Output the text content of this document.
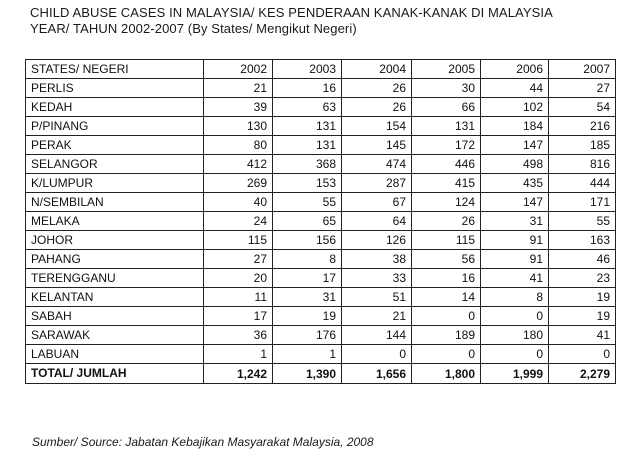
CHILD ABUSE CASES IN MALAYSIA/ KES PENDERAAN KANAK-KANAK DI MALAYSIA
YEAR/ TAHUN 2002-2007 (By States/ Mengikut Negeri)
STATES/ NEGERI	2002	2003	2004	2005	2006	2007
PERLIS	21	16	26	30	44	27
KEDAH	39	63	26	66	102	54
P/PINANG	130	131	154	131	184	216
PERAK	80	131	145	172	147	185
SELANGOR	412	368	474	446	498	816
K/LUMPUR	269	153	287	415	435	444
N/SEMBILAN	40	55	67	124	147	171
MELAKA	24	65	64	26	31	55
JOHOR	115	156	126	115	91	163
PAHANG	27	8	38	56	91	46
TERENGGANU	20	17	33	16	41	23
KELANTAN	11	31	51	14	8	19
SABAH	17	19	21	0	0	19
SARAWAK	36	176	144	189	180	41
LABUAN	1	1	0	0	0	0
TOTAL/ JUMLAH	1,242	1,390	1,656	1,800	1,999	2,279
Sumber/ Source: Jabatan Kebajikan Masyarakat Malaysia, 2008
